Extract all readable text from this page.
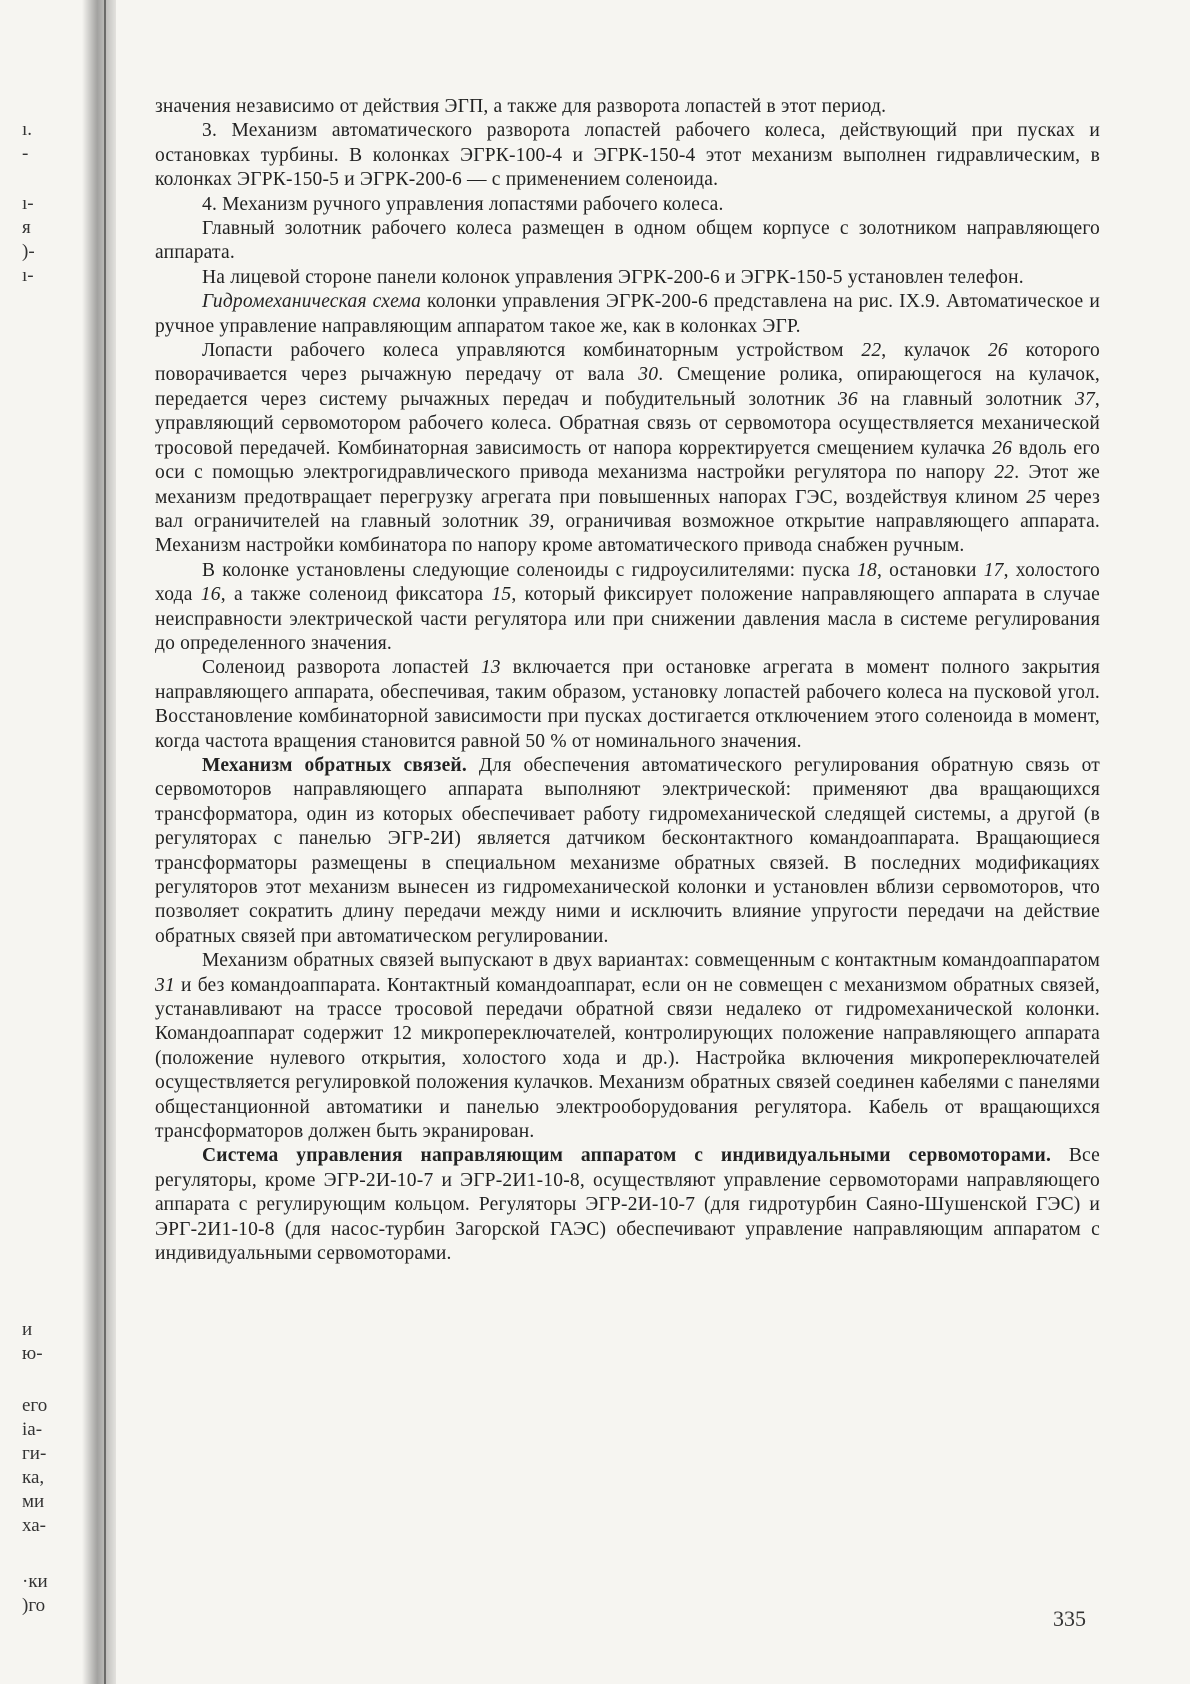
ı.
-
ı-
я
)-
ı-
и
ю-
его
ia-
ги-
ка,
ми
ха-
·ки
)го

значения независимо от действия ЭГП, а также для разворота лопастей в этот период.

3. Механизм автоматического разворота лопастей рабочего колеса, действующий при пусках и остановках турбины. В колонках ЭГРК-100-4 и ЭГРК-150-4 этот механизм выполнен гидравлическим, в колонках ЭГРК-150-5 и ЭГРК-200-6 — с применением соленоида.

4. Механизм ручного управления лопастями рабочего колеса.

Главный золотник рабочего колеса размещен в одном общем корпусе с золотником направляющего аппарата.

На лицевой стороне панели колонок управления ЭГРК-200-6 и ЭГРК-150-5 установлен телефон.

Гидромеханическая схема колонки управления ЭГРК-200-6 представлена на рис. IX.9. Автоматическое и ручное управление направляющим аппаратом такое же, как в колонках ЭГР.

Лопасти рабочего колеса управляются комбинаторным устройством 22, кулачок 26 которого поворачивается через рычажную передачу от вала 30. Смещение ролика, опирающегося на кулачок, передается через систему рычажных передач и побудительный золотник 36 на главный золотник 37, управляющий сервомотором рабочего колеса. Обратная связь от сервомотора осуществляется механической тросовой передачей. Комбинаторная зависимость от напора корректируется смещением кулачка 26 вдоль его оси с помощью электрогидравлического привода механизма настройки регулятора по напору 22. Этот же механизм предотвращает перегрузку агрегата при повышенных напорах ГЭС, воздействуя клином 25 через вал ограничителей на главный золотник 39, ограничивая возможное открытие направляющего аппарата. Механизм настройки комбинатора по напору кроме автоматического привода снабжен ручным.

В колонке установлены следующие соленоиды с гидроусилителями: пуска 18, остановки 17, холостого хода 16, а также соленоид фиксатора 15, который фиксирует положение направляющего аппарата в случае неисправности электрической части регулятора или при снижении давления масла в системе регулирования до определенного значения.

Соленоид разворота лопастей 13 включается при остановке агрегата в момент полного закрытия направляющего аппарата, обеспечивая, таким образом, установку лопастей рабочего колеса на пусковой угол. Восстановление комбинаторной зависимости при пусках достигается отключением этого соленоида в момент, когда частота вращения становится равной 50 % от номинального значения.

Механизм обратных связей. Для обеспечения автоматического регулирования обратную связь от сервомоторов направляющего аппарата выполняют электрической: применяют два вращающихся трансформатора, один из которых обеспечивает работу гидромеханической следящей системы, а другой (в регуляторах с панелью ЭГР-2И) является датчиком бесконтактного командоаппарата. Вращающиеся трансформаторы размещены в специальном механизме обратных связей. В последних модификациях регуляторов этот механизм вынесен из гидромеханической колонки и установлен вблизи сервомоторов, что позволяет сократить длину передачи между ними и исключить влияние упругости передачи на действие обратных связей при автоматическом регулировании.

Механизм обратных связей выпускают в двух вариантах: совмещенным с контактным командоаппаратом 31 и без командоаппарата. Контактный командоаппарат, если он не совмещен с механизмом обратных связей, устанавливают на трассе тросовой передачи обратной связи недалеко от гидромеханической колонки. Командоаппарат содержит 12 микропереключателей, контролирующих положение направляющего аппарата (положение нулевого открытия, холостого хода и др.). Настройка включения микропереключателей осуществляется регулировкой положения кулачков. Механизм обратных связей соединен кабелями с панелями общестанционной автоматики и панелью электрооборудования регулятора. Кабель от вращающихся трансформаторов должен быть экранирован.

Система управления направляющим аппаратом с индивидуальными сервомоторами. Все регуляторы, кроме ЭГР-2И-10-7 и ЭГР-2И1-10-8, осуществляют управление сервомоторами направляющего аппарата с регулирующим кольцом. Регуляторы ЭГР-2И-10-7 (для гидротурбин Саяно-Шушенской ГЭС) и ЭРГ-2И1-10-8 (для насос-турбин Загорской ГАЭС) обеспечивают управление направляющим аппаратом с индивидуальными сервомоторами.

335
